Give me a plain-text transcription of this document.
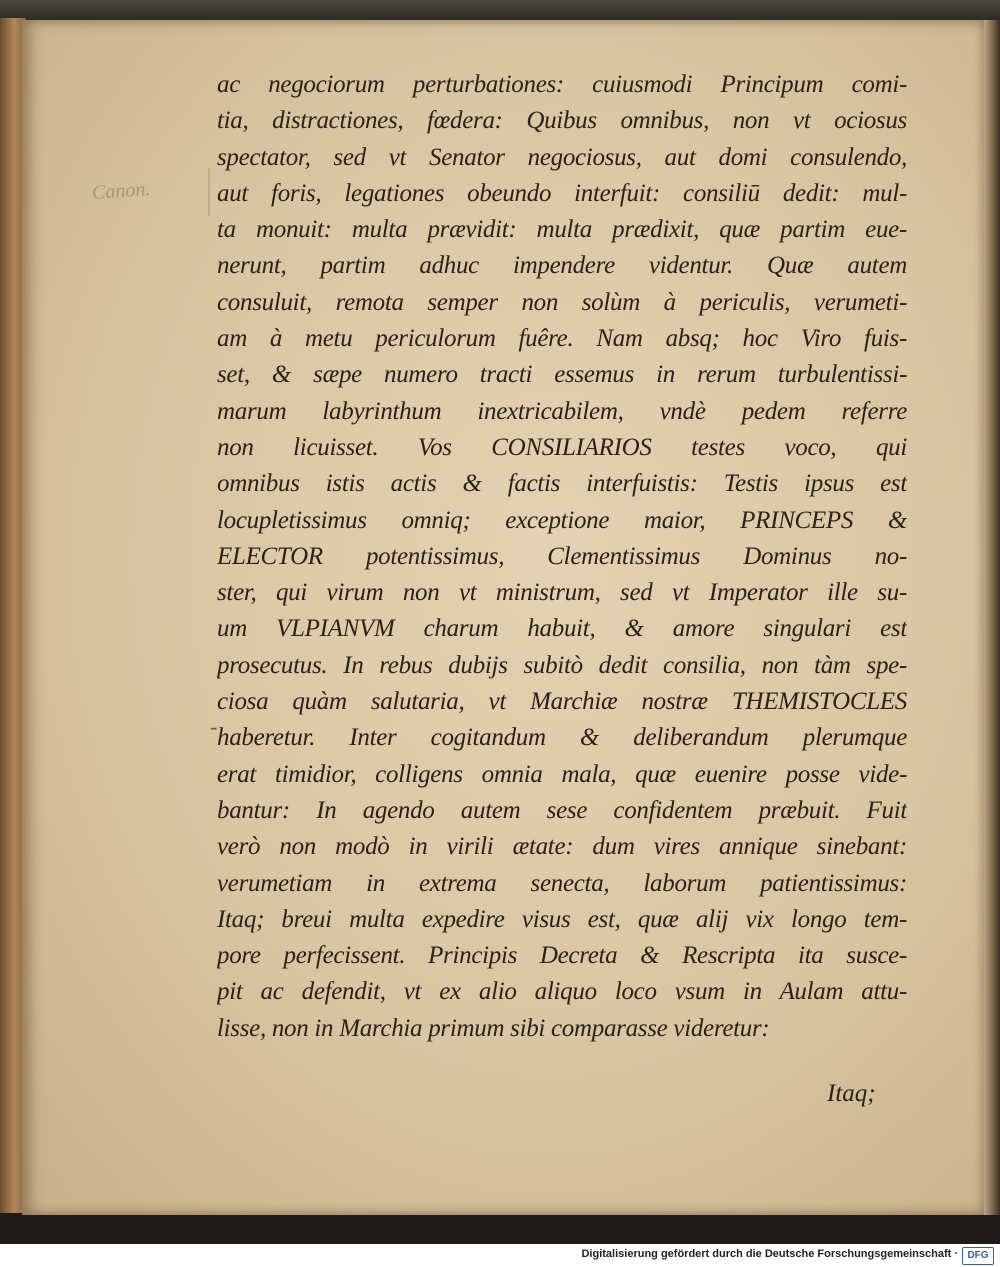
Canon.
-
ac negociorum perturbationes: cuiusmodi Principum comi-
tia, distractiones, fœdera: Quibus omnibus, non vt ociosus
spectator, sed vt Senator negociosus, aut domi consulendo,
aut foris, legationes obeundo interfuit: consiliū dedit: mul-
ta monuit: multa prævidit: multa prædixit, quæ partim eue-
nerunt, partim adhuc impendere videntur. Quæ autem
consuluit, remota semper non solùm à periculis, verumeti-
am à metu periculorum fuêre. Nam absq; hoc Viro fuis-
set, & sæpe numero tracti essemus in rerum turbulentissi-
marum labyrinthum inextricabilem, vndè pedem referre
non licuisset. Vos CONSILIARIOS testes voco, qui
omnibus istis actis & factis interfuistis: Testis ipsus est
locupletissimus omniq; exceptione maior, PRINCEPS &
ELECTOR potentissimus, Clementissimus Dominus no-
ster, qui virum non vt ministrum, sed vt Imperator ille su-
um VLPIANVM charum habuit, & amore singulari est
prosecutus. In rebus dubijs subitò dedit consilia, non tàm spe-
ciosa quàm salutaria, vt Marchiæ nostræ THEMISTOCLES
haberetur. Inter cogitandum & deliberandum plerumque
erat timidior, colligens omnia mala, quæ euenire posse vide-
bantur: In agendo autem sese confidentem præbuit. Fuit
verò non modò in virili ætate: dum vires annique sinebant:
verumetiam in extrema senecta, laborum patientissimus:
Itaq; breui multa expedire visus est, quæ alij vix longo tem-
pore perfecissent. Principis Decreta & Rescripta ita susce-
pit ac defendit, vt ex alio aliquo loco vsum in Aulam attu-
lisse, non in Marchia primum sibi comparasse videretur:
Itaq;
Digitalisierung gefördert durch die Deutsche Forschungsgemeinschaft · DFG
